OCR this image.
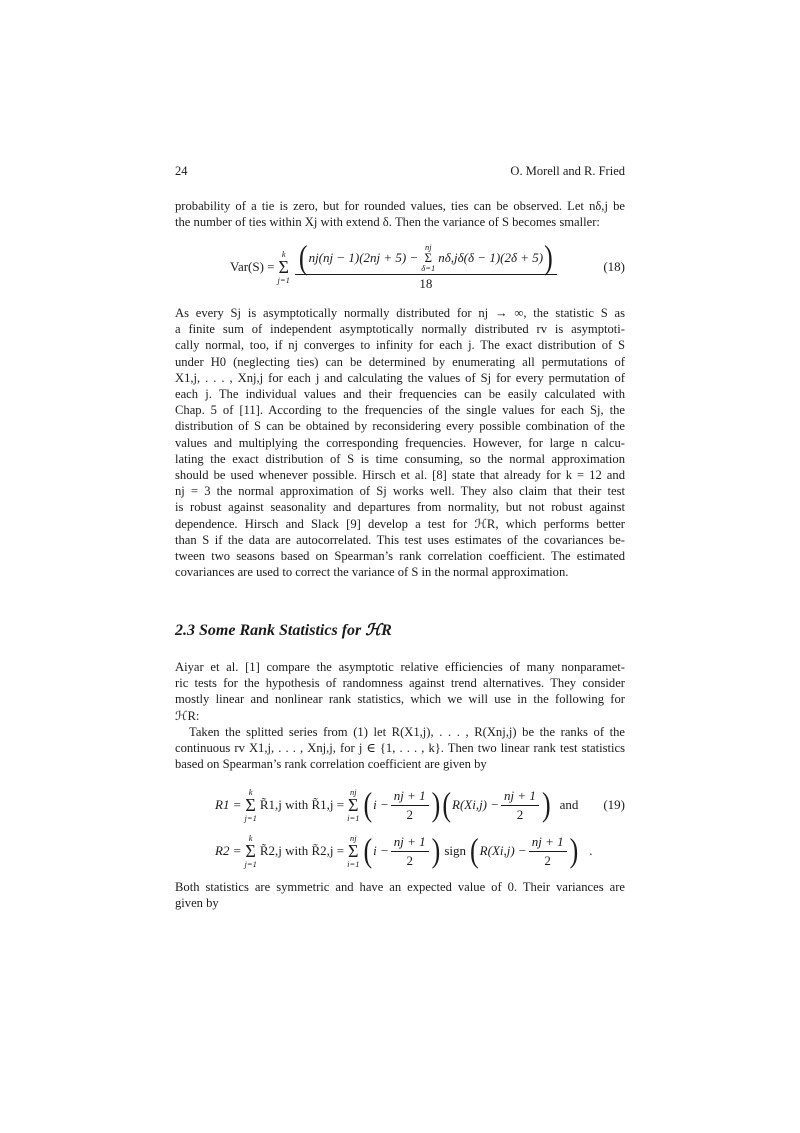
24	O. Morell and R. Fried
probability of a tie is zero, but for rounded values, ties can be observed. Let nδ,j be
the number of ties within Xj with extend δ. Then the variance of S becomes smaller:
Var(S) =
k
Σ
j=1
( nj(nj − 1)(2nj + 5) −
nj
Σ
δ=1
nδ,jδ(δ − 1)(2δ + 5) )
18
(18)
As every Sj is asymptotically normally distributed for nj → ∞, the statistic S as
a finite sum of independent asymptotically normally distributed rv is asymptoti-
cally normal, too, if nj converges to infinity for each j. The exact distribution of S
under H0 (neglecting ties) can be determined by enumerating all permutations of
X1,j, . . . , Xnj,j for each j and calculating the values of Sj for every permutation of
each j. The individual values and their frequencies can be easily calculated with
Chap. 5 of [11]. According to the frequencies of the single values for each Sj, the
distribution of S can be obtained by reconsidering every possible combination of the
values and multiplying the corresponding frequencies. However, for large n calcu-
lating the exact distribution of S is time consuming, so the normal approximation
should be used whenever possible. Hirsch et al. [8] state that already for k = 12 and
nj = 3 the normal approximation of Sj works well. They also claim that their test
is robust against seasonality and departures from normality, but not robust against
dependence. Hirsch and Slack [9] develop a test for ℋR, which performs better
than S if the data are autocorrelated. This test uses estimates of the covariances be-
tween two seasons based on Spearman’s rank correlation coefficient. The estimated
covariances are used to correct the variance of S in the normal approximation.
2.3 Some Rank Statistics for ℋR
Aiyar et al. [1] compare the asymptotic relative efficiencies of many nonparamet-
ric tests for the hypothesis of randomness against trend alternatives. They consider
mostly linear and nonlinear rank statistics, which we will use in the following for
ℋR:
Taken the splitted series from (1) let R(X1,j), . . . , R(Xnj,j) be the ranks of the
continuous rv X1,j, . . . , Xnj,j, for j ∈ {1, . . . , k}. Then two linear rank test statistics
based on Spearman’s rank correlation coefficient are given by
R1 =
k
Σ
j=1
R̃1,j with R̃1,j =
nj
Σ
i=1 ( $i - \frac{nj + 1}{2}$ ) ( $R(Xi,j) - \frac{nj + 1}{2}$ ) and (19)
R2 =
k
Σ
j=1
R̃2,j with R̃2,j =
nj
Σ
i=1 ( $i - \frac{nj + 1}{2}$ ) sign ( $R(Xi,j) - \frac{nj + 1}{2}$ ) .
Both statistics are symmetric and have an expected value of 0. Their variances are
given by
